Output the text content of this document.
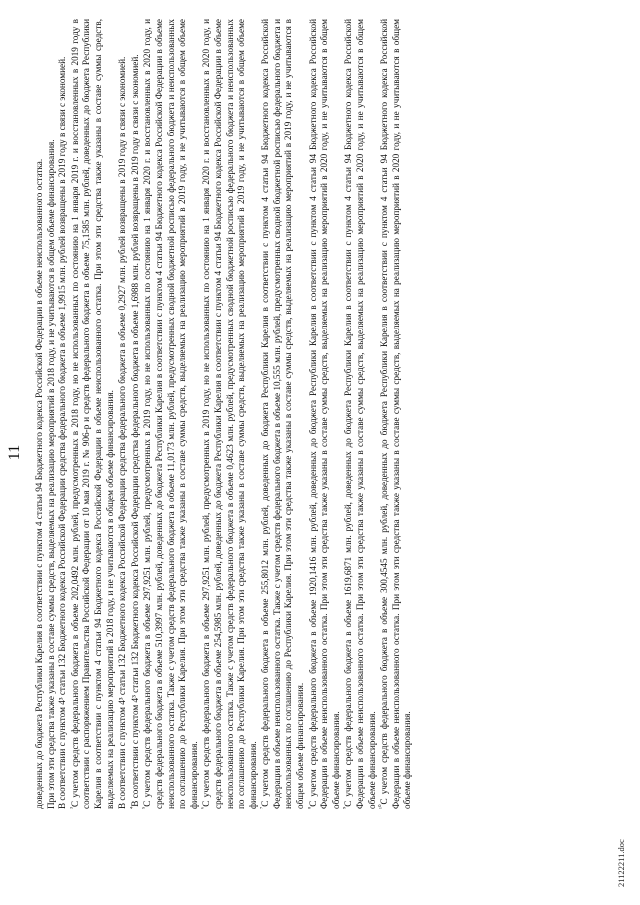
11 доведенных до бюджета Республики Карелия в соответствии с пунктом 4 статьи 94 Бюджетного кодекса Российской Федерации в объеме неиспользованного остатка. При этом эти средства также указаны в составе суммы средств, выделяемых на реализацию мероприятий в 2018 году, и не учитываются в общем объеме финансирования. В соответствии с пунктом 4³ статьи 132 Бюджетного кодекса Российской Федерации средства федерального бюджета в объеме 1,9915 млн. рублей возвращены в 2019 году в связи с экономией. $^{^3}$С учетом средств федерального бюджета в объеме 202,0492 млн. рублей, предусмотренных в 2018 году, но не использованных по состоянию на 1 января 2019 г. и восстановленных в 2019 году в соответствии с распоряжением Правительства Российской Федерации от 10 мая 2019 г. № 906-р и средств федерального бюджета в объеме 75,1585 млн. рублей, доведенных до бюджета Республики Карелия в соответствии с пунктом 4 статьи 94 Бюджетного кодекса Российской Федерации в объеме неиспользованного остатка. При этом эти средства также указаны в составе суммы средств, выделяемых на реализацию мероприятий в 2018 году, и не учитываются в общем объеме финансирования. В соответствии с пунктом 4³ статьи 132 Бюджетного кодекса Российской Федерации средства федерального бюджета в объеме 0,2927 млн. рублей возвращены в 2019 году в связи с экономией. $^{^4}$В соответствии с пунктом 4³ статьи 132 Бюджетного кодекса Российской Федерации средства федерального бюджета в объеме 1,6988 млн. рублей возвращены в 2019 году в связи с экономией.

$^{^5}$С учетом средств федерального бюджета в объеме 297,9251 млн. рублей, предусмотренных в 2019 году, но не использованных по состоянию на 1 января 2020 г. и восстановленных в 2020 году, и средств федерального бюджета в объеме 510,3997 млн. рублей, доведенных до бюджета Республики Карелия в соответствии с пунктом 4 статьи 94 Бюджетного кодекса Российской Федерации в объеме неиспользованного остатка. Также с учетом средств федерального бюджета в объеме 11,0173 млн. рублей, предусмотренных сводной бюджетной росписью федерального бюджета и неиспользованных по соглашению до Республики Карелия. При этом эти средства также указаны в составе суммы средств, выделяемых на реализацию мероприятий в 2019 году, и не учитываются в общем объеме финансирования. $^{^6}$С учетом средств федерального бюджета в объеме 297,9251 млн. рублей, предусмотренных в 2019 году, но не использованных по состоянию на 1 января 2020 г. и восстановленных в 2020 году, и средств федерального бюджета в объеме 254,5985 млн. рублей, доведенных до бюджета Республики Карелия в соответствии с пунктом 4 статьи 94 Бюджетного кодекса Российской Федерации в объеме неиспользованного остатка. Также с учетом средств федерального бюджета в объеме 0,4623 млн. рублей, предусмотренных сводной бюджетной росписью федерального бюджета и неиспользованных по соглашению до Республики Карелия. При этом эти средства также указаны в составе суммы средств, выделяемых на реализацию мероприятий в 2019 году, и не учитываются в общем объеме финансирования. $^{^7}$С учетом средств федерального бюджета в объеме 255,8012 млн. рублей, доведенных до бюджета Республики Карелия в соответствии с пунктом 4 статьи 94 Бюджетного кодекса Российской Федерации в объеме неиспользованного остатка. Также с учетом средств федерального бюджета в объеме 10,555 млн. рублей, предусмотренных сводной бюджетной росписью федерального бюджета и неиспользованных по соглашению до Республики Карелия. При этом эти средства также указаны в составе суммы средств, выделяемых на реализацию мероприятий в 2019 году, и не учитываются в общем объеме финансирования. $^{^8}$С учетом средств федерального бюджета в объеме 1920,1416 млн. рублей, доведенных до бюджета Республики Карелия в соответствии с пунктом 4 статьи 94 Бюджетного кодекса Российской Федерации в объеме неиспользованного остатка. При этом эти средства также указаны в составе суммы средств, выделяемых на реализацию мероприятий в 2020 году, и не учитываются в общем объеме финансирования. $^{^9}$С учетом средств федерального бюджета в объеме 1619,6871 млн. рублей, доведенных до бюджета Республики Карелия в соответствии с пунктом 4 статьи 94 Бюджетного кодекса Российской Федерации в объеме неиспользованного остатка. При этом эти средства также указаны в составе суммы средств, выделяемых на реализацию мероприятий в 2020 году, и не учитываются в общем объеме финансирования. $^{^{10}}$С учетом средств федерального бюджета в объеме 300,4545 млн. рублей, доведенных до бюджета Республики Карелия в соответствии с пунктом 4 статьи 94 Бюджетного кодекса Российской Федерации в объеме неиспользованного остатка. При этом эти средства также указаны в составе суммы средств, выделяемых на реализацию мероприятий в 2020 году, и не учитываются в общем объеме финансирования.

21122211.doc
